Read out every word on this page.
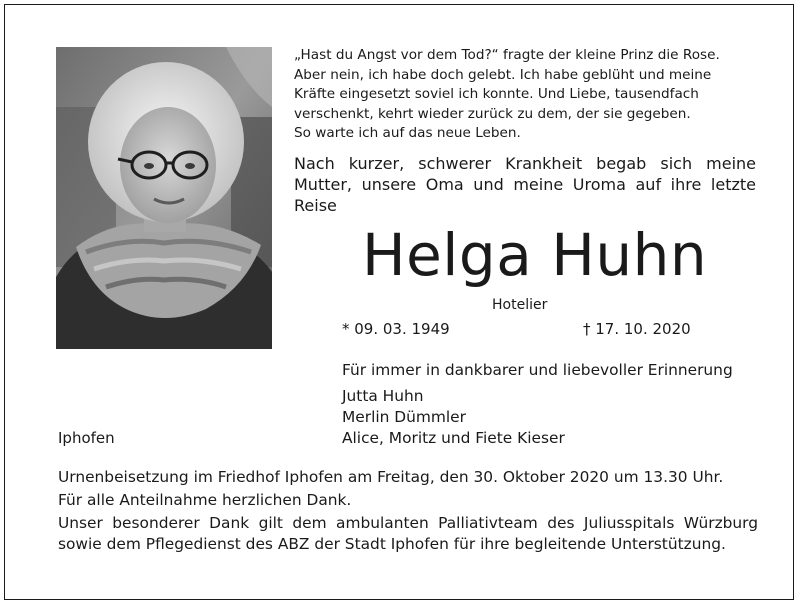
„Hast du Angst vor dem Tod?“ fragte der kleine Prinz die Rose.
Aber nein, ich habe doch gelebt. Ich habe geblüht und meine
Kräfte eingesetzt soviel ich konnte. Und Liebe, tausendfach
verschenkt, kehrt wieder zurück zu dem, der sie gegeben.
So warte ich auf das neue Leben.
Nach kurzer, schwerer Krankheit begab sich meine Mutter, unsere Oma und meine Uroma auf ihre letzte Reise
Helga Huhn
Hotelier
* 09. 03. 1949	† 17. 10. 2020
Für immer in dankbarer und liebevoller Erinnerung
Jutta Huhn
Merlin Dümmler
Alice, Moritz und Fiete Kieser
Iphofen

Urnenbeisetzung im Friedhof Iphofen am Freitag, den 30. Oktober 2020 um 13.30 Uhr.

Für alle Anteilnahme herzlichen Dank.

Unser besonderer Dank gilt dem ambulanten Palliativteam des Juliusspitals Würzburg sowie dem Pflegedienst des ABZ der Stadt Iphofen für ihre begleitende Unterstützung.
